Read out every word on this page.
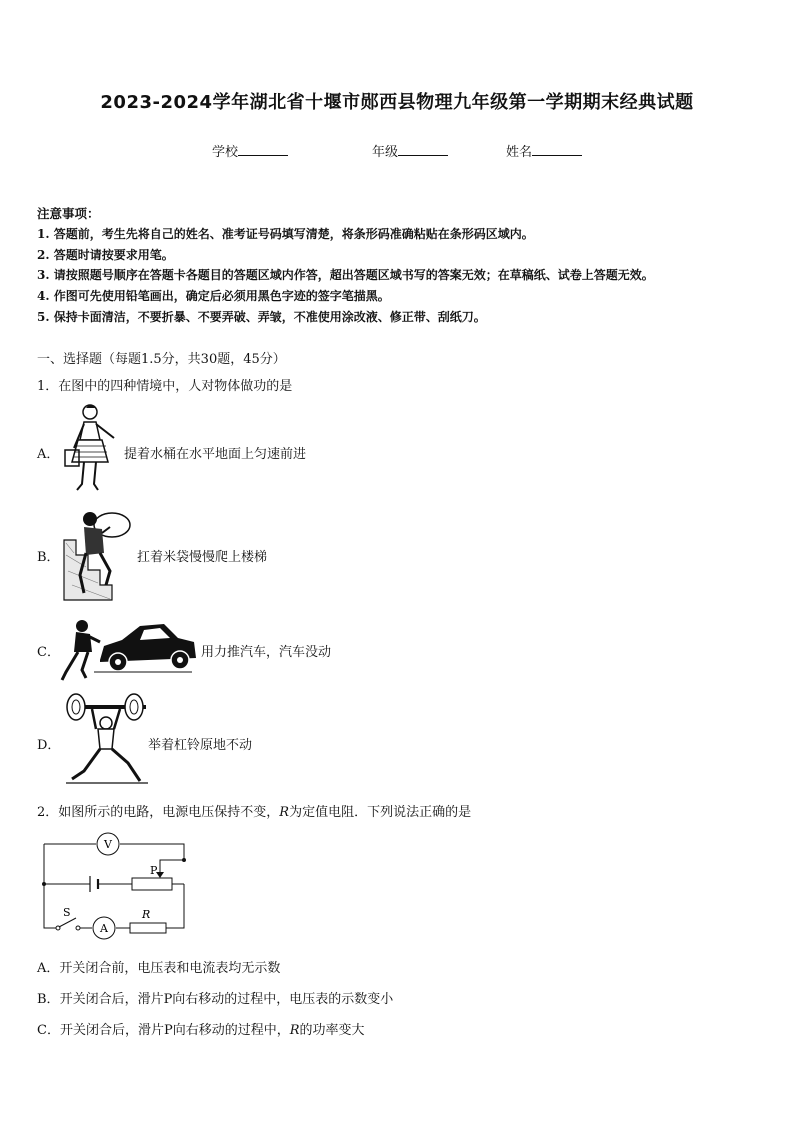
2023-2024学年湖北省十堰市郧西县物理九年级第一学期期末经典试题
学校	年级	姓名
注意事项：
1. 答题前，考生先将自己的姓名、准考证号码填写清楚，将条形码准确粘贴在条形码区域内。
2. 答题时请按要求用笔。
3. 请按照题号顺序在答题卡各题目的答题区域内作答，超出答题区域书写的答案无效；在草稿纸、试卷上答题无效。
4. 作图可先使用铅笔画出，确定后必须用黑色字迹的签字笔描黑。
5. 保持卡面清洁，不要折暴、不要弄破、弄皱，不准使用涂改液、修正带、刮纸刀。
一、选择题（每题1.5分，共30题，45分）
1．在图中的四种情境中，人对物体做功的是
A．	提着水桶在水平地面上匀速前进
B．	扛着米袋慢慢爬上楼梯
C．	用力推汽车，汽车没动
D．	举着杠铃原地不动
2．如图所示的电路，电源电压保持不变，R为定值电阻．下列说法正确的是
V
P
S
A
R
A．开关闭合前，电压表和电流表均无示数
B．开关闭合后，滑片P向右移动的过程中，电压表的示数变小
C．开关闭合后，滑片P向右移动的过程中，R的功率变大
